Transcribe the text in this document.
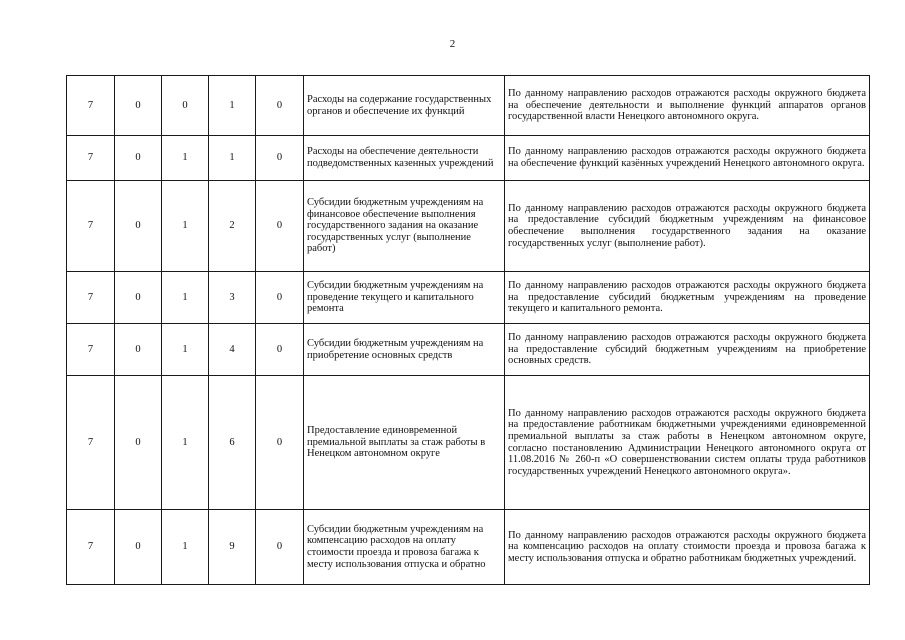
2
7	0	0	1	0	Расходы на содержание государственных органов и обеспечение их функций	По данному направлению расходов отражаются расходы окружного бюджета на обеспечение деятельности и выполнение функций аппаратов органов государственной власти Ненецкого автономного округа.
7	0	1	1	0	Расходы на обеспечение деятельности подведомственных казенных учреждений	По данному направлению расходов отражаются расходы окружного бюджета на обеспечение функций казённых учреждений Ненецкого автономного округа.
7	0	1	2	0	Субсидии бюджетным учреждениям на финансовое обеспечение выполнения государственного задания на оказание государственных услуг (выполнение работ)	По данному направлению расходов отражаются расходы окружного бюджета на предоставление субсидий бюджетным учреждениям на финансовое обеспечение выполнения государственного задания на оказание государственных услуг (выполнение работ).
7	0	1	3	0	Субсидии бюджетным учреждениям на проведение текущего и капитального ремонта	По данному направлению расходов отражаются расходы окружного бюджета на предоставление субсидий бюджетным учреждениям на проведение текущего и капитального ремонта.
7	0	1	4	0	Субсидии бюджетным учреждениям на приобретение основных средств	По данному направлению расходов отражаются расходы окружного бюджета на предоставление субсидий бюджетным учреждениям на приобретение основных средств.
7	0	1	6	0	Предоставление единовременной премиальной выплаты за стаж работы в Ненецком автономном округе	По данному направлению расходов отражаются расходы окружного бюджета на предоставление работникам бюджетными учреждениями единовременной премиальной выплаты за стаж работы в Ненецком автономном округе, согласно постановлению Администрации Ненецкого автономного округа от 11.08.2016 № 260-п «О совершенствовании систем оплаты труда работников государственных учреждений Ненецкого автономного округа».
7	0	1	9	0	Субсидии бюджетным учреждениям на компенсацию расходов на оплату стоимости проезда и провоза багажа к месту использования отпуска и обратно	По данному направлению расходов отражаются расходы окружного бюджета на компенсацию расходов на оплату стоимости проезда и провоза багажа к месту использования отпуска и обратно работникам бюджетных учреждений.
